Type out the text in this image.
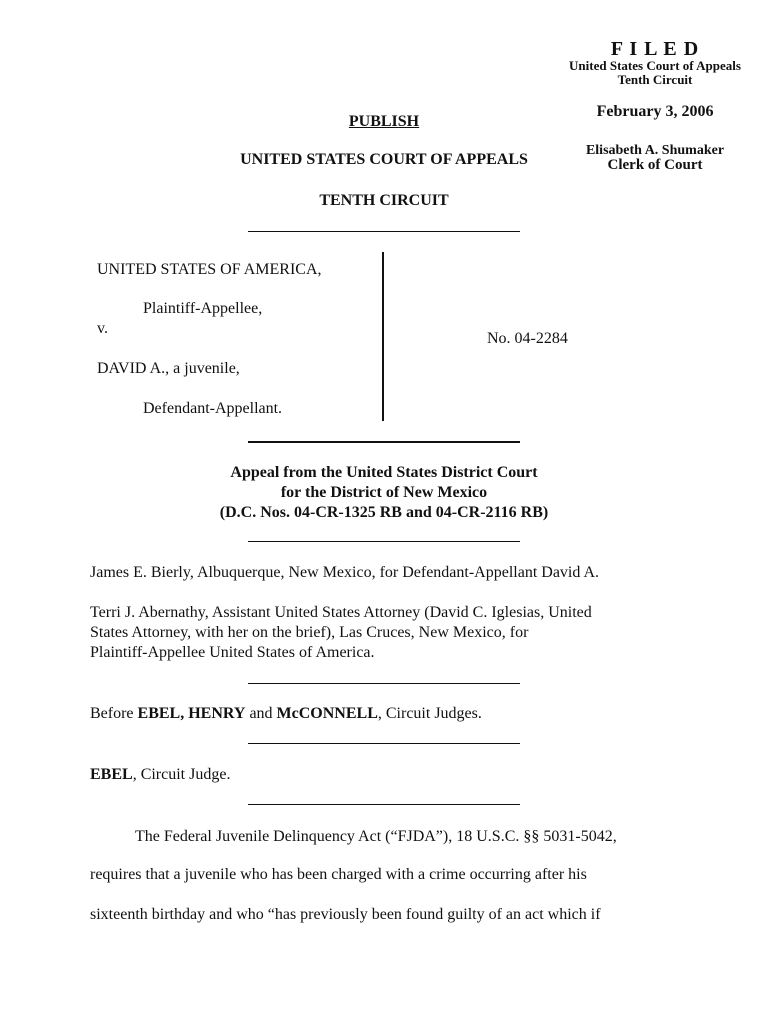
F I L E D
United States Court of Appeals
Tenth Circuit
February 3, 2006
Elisabeth A. Shumaker
Clerk of Court
PUBLISH
UNITED STATES COURT OF APPEALS
TENTH CIRCUIT
UNITED STATES OF AMERICA,
Plaintiff-Appellee,
v.
DAVID A., a juvenile,
Defendant-Appellant.
No. 04-2284
Appeal from the United States District Court
for the District of New Mexico
(D.C. Nos. 04-CR-1325 RB and 04-CR-2116 RB)
James E. Bierly, Albuquerque, New Mexico, for Defendant-Appellant David A.
Terri J. Abernathy, Assistant United States Attorney (David C. Iglesias, United
States Attorney, with her on the brief), Las Cruces, New Mexico, for
Plaintiff-Appellee United States of America.
Before EBEL, HENRY and McCONNELL, Circuit Judges.
EBEL, Circuit Judge.
The Federal Juvenile Delinquency Act (“FJDA”), 18 U.S.C. §§ 5031-5042,
requires that a juvenile who has been charged with a crime occurring after his
sixteenth birthday and who “has previously been found guilty of an act which if
